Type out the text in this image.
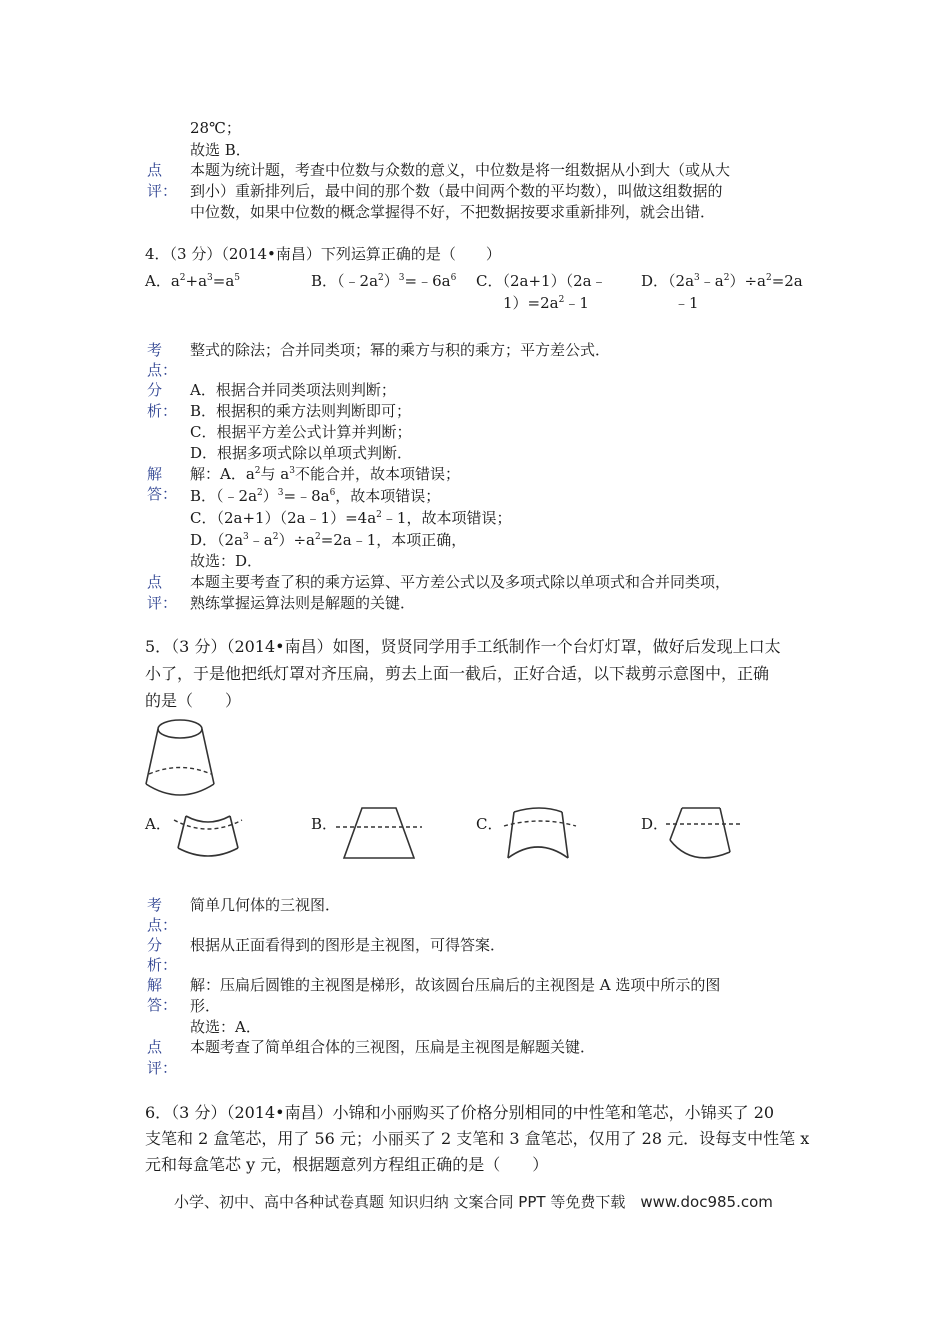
28℃；
故选 B．
点
评：
本题为统计题，考查中位数与众数的意义，中位数是将一组数据从小到大（或从大
到小）重新排列后，最中间的那个数（最中间两个数的平均数），叫做这组数据的
中位数，如果中位数的概念掌握得不好，不把数据按要求重新排列，就会出错．
4．（3 分）（2014•南昌）下列运算正确的是（　　）
A．$a^2+a^3=a^5$	B．$(﹣2a^2)^3=﹣6a^6$ C．（2a+1）（2a﹣
$1)=2a^2﹣1$
D．$(2a^3﹣a^2)\div a^2=2a$
﹣1
考
点：
整式的除法；合并同类项；幂的乘方与积的乘方；平方差公式．
分
析：
A．根据合并同类项法则判断；
B．根据积的乘方法则判断即可；
C．根据平方差公式计算并判断；
D．根据多项式除以单项式判断．
解
答：
解：A．$a^2$与 $a^3$不能合并，故本项错误；
B．$(﹣2a^2)^3=﹣8a^6$，故本项错误；
C．$(2a+1)(2a﹣1)=4a^2﹣1$，故本项错误；
D．$(2a^3﹣a^2)\div a^2=2a﹣1$，本项正确，
故选：D．
点
评：
本题主要考查了积的乘方运算、平方差公式以及多项式除以单项式和合并同类项，
熟练掌握运算法则是解题的关键．
5．（3 分）（2014•南昌）如图，贤贤同学用手工纸制作一个台灯灯罩，做好后发现上口太
小了，于是他把纸灯罩对齐压扁，剪去上面一截后，正好合适，以下裁剪示意图中，正确
的是（　　）
A．	B．	C．	D．
考
点：
简单几何体的三视图．
分
析：
根据从正面看得到的图形是主视图，可得答案．
解
答：
解：压扁后圆锥的主视图是梯形，故该圆台压扁后的主视图是 A 选项中所示的图
形．
故选：A．
点
评：
本题考查了简单组合体的三视图，压扁是主视图是解题关键．
6．（3 分）（2014•南昌）小锦和小丽购买了价格分别相同的中性笔和笔芯，小锦买了 20
支笔和 2 盒笔芯，用了 56 元；小丽买了 2 支笔和 3 盒笔芯，仅用了 28 元．设每支中性笔 x
元和每盒笔芯 y 元，根据题意列方程组正确的是（　　）
小学、初中、高中各种试卷真题 知识归纳 文案合同 PPT 等免费下载　www.doc985.com
